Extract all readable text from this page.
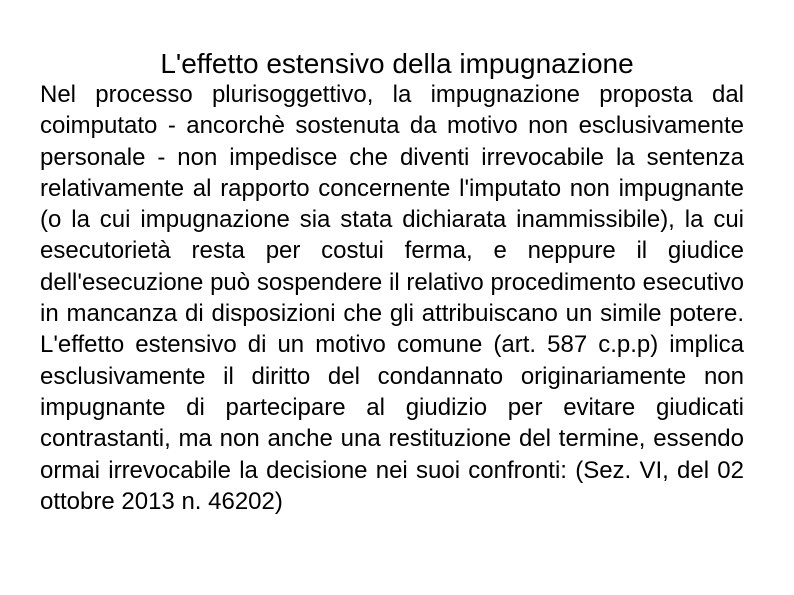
L'effetto estensivo della impugnazione

Nel processo plurisoggettivo, la impugnazione proposta dal coimputato - ancorchè sostenuta da motivo non esclusivamente personale - non impedisce che diventi irrevocabile la sentenza relativamente al rapporto concernente l'imputato non impugnante (o la cui impugnazione sia stata dichiarata inammissibile), la cui esecutorietà resta per costui ferma, e neppure il giudice dell'esecuzione può sospendere il relativo procedimento esecutivo in mancanza di disposizioni che gli attribuiscano un simile potere. L'effetto estensivo di un motivo comune (art. 587 c.p.p) implica esclusivamente il diritto del condannato originariamente non impugnante di partecipare al giudizio per evitare giudicati contrastanti, ma non anche una restituzione del termine, essendo ormai irrevocabile la decisione nei suoi confronti: (Sez. VI, del 02 ottobre 2013 n. 46202)
